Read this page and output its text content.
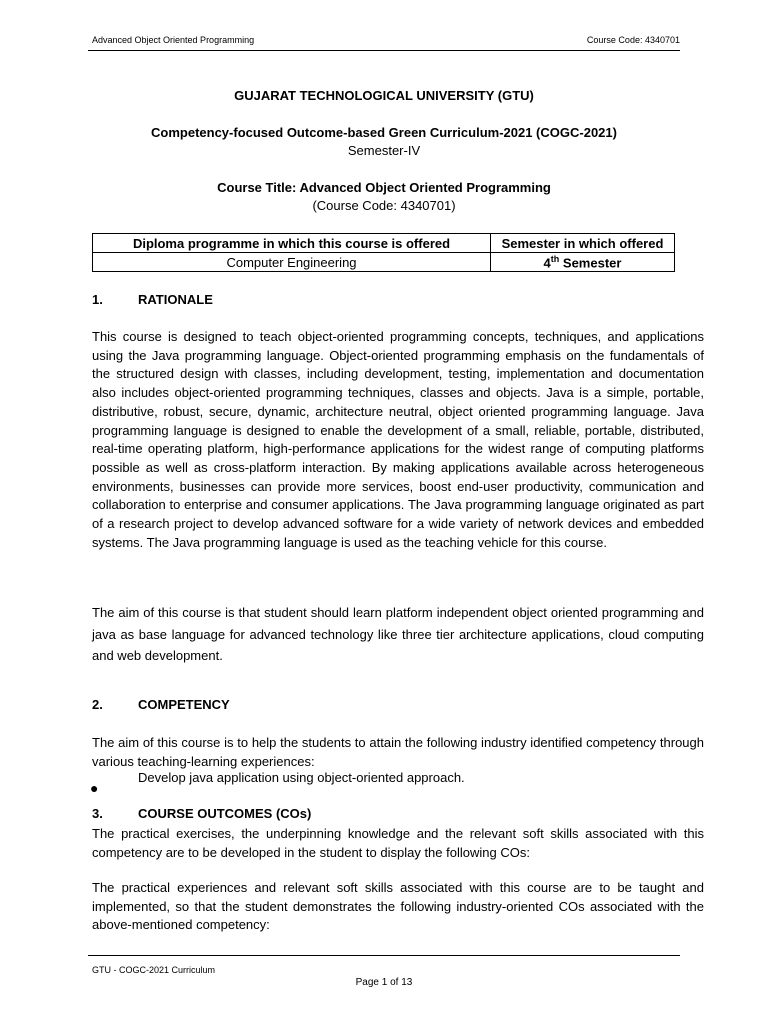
Advanced Object Oriented Programming	Course Code: 4340701
GUJARAT TECHNOLOGICAL UNIVERSITY (GTU)
Competency-focused Outcome-based Green Curriculum-2021 (COGC-2021)
Semester-IV
Course Title: Advanced Object Oriented Programming
(Course Code: 4340701)
Diploma programme in which this course is offered	Semester in which offered
Computer Engineering	4th Semester
1.	RATIONALE
This course is designed to teach object-oriented programming concepts, techniques, and applications using the Java programming language. Object-oriented programming emphasis on the fundamentals of the structured design with classes, including development, testing, implementation and documentation also includes object-oriented programming techniques, classes and objects. Java is a simple, portable, distributive, robust, secure, dynamic, architecture neutral, object oriented programming language. Java programming language is designed to enable the development of a small, reliable, portable, distributed, real-time operating platform, high-performance applications for the widest range of computing platforms possible as well as cross-platform interaction. By making applications available across heterogeneous environments, businesses can provide more services, boost end-user productivity, communication and collaboration to enterprise and consumer applications. The Java programming language originated as part of a research project to develop advanced software for a wide variety of network devices and embedded systems. The Java programming language is used as the teaching vehicle for this course.
The aim of this course is that student should learn platform independent object oriented programming and java as base language for advanced technology like three tier architecture applications, cloud computing and web development.
2.	COMPETENCY
The aim of this course is to help the students to attain the following industry identified competency through various teaching-learning experiences:
●
Develop java application using object-oriented approach.
3.	COURSE OUTCOMES (COs)
The practical exercises, the underpinning knowledge and the relevant soft skills associated with this competency are to be developed in the student to display the following COs:
The practical experiences and relevant soft skills associated with this course are to be taught and implemented, so that the student demonstrates the following industry-oriented COs associated with the above-mentioned competency:
GTU - COGC-2021 Curriculum
Page 1 of 13
